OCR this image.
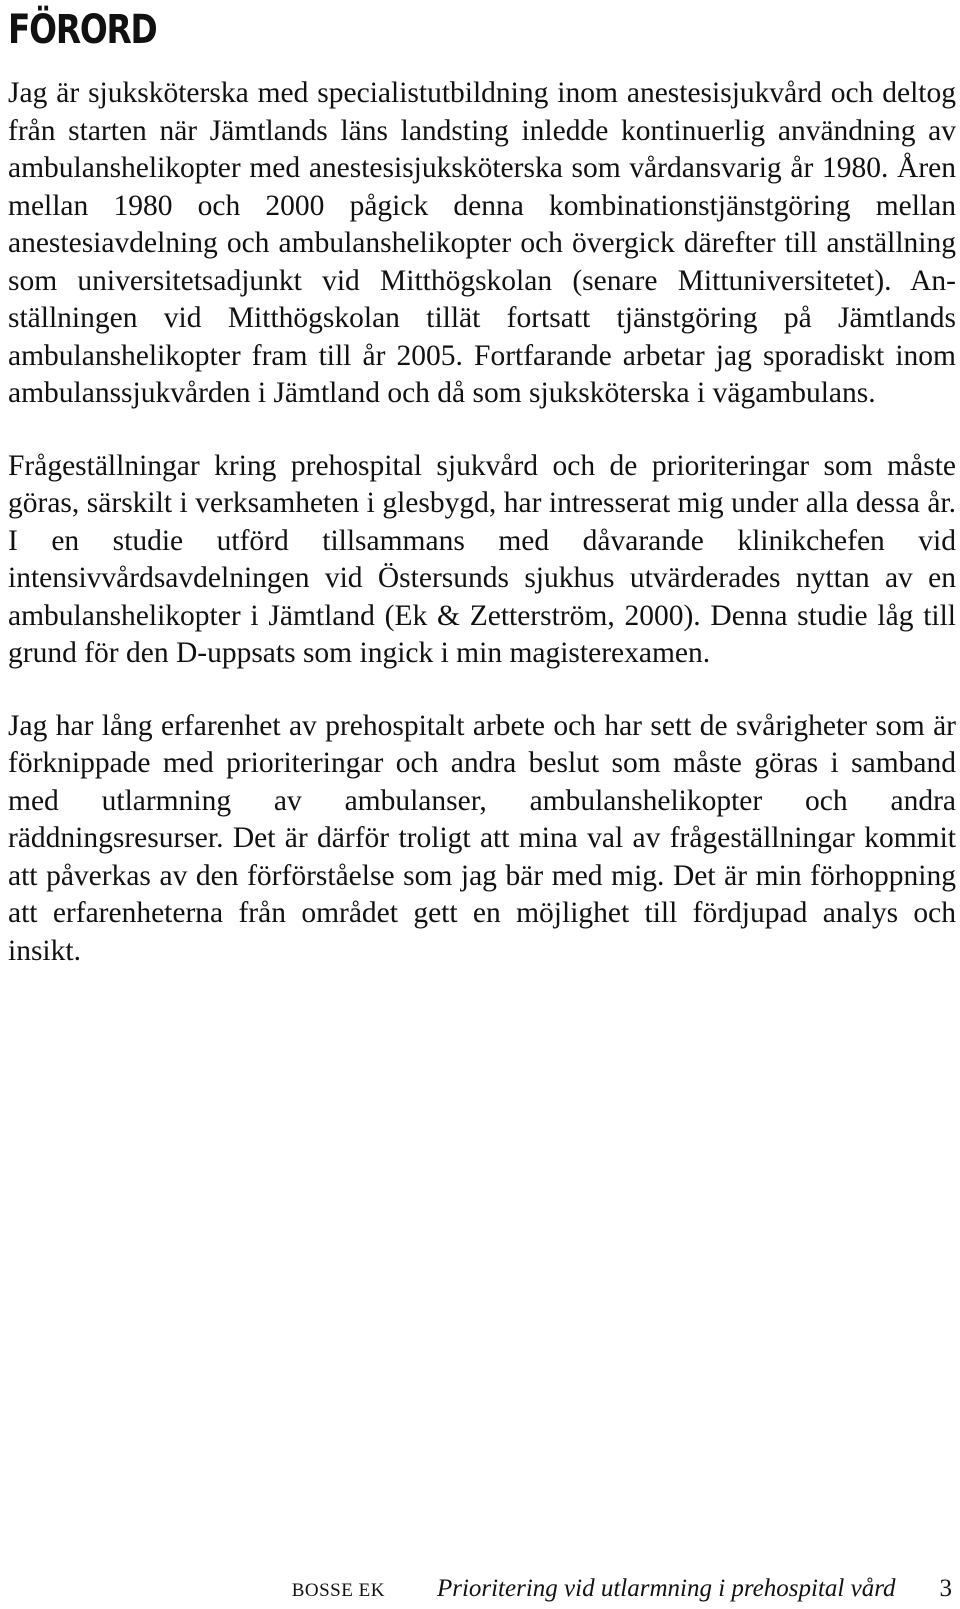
FÖRORD

Jag är sjuksköterska med specialistutbildning inom anestesisjukvård och deltog från starten när Jämtlands läns landsting inledde kontinuerlig användning av ambulanshelikopter med anestesisjuksköterska som vårdansvarig år 1980. Åren mellan 1980 och 2000 pågick denna kombinationstjänstgöring mellan anestesiavdelning och ambulanshelikopter och övergick därefter till anställning som universitetsadjunkt vid Mitthögskolan (senare Mittuniversitetet). Anställningen vid Mitthögskolan tillät fortsatt tjänstgöring på Jämtlands ambulanshelikopter fram till år 2005. Fortfarande arbetar jag sporadiskt inom ambulanssjukvården i Jämtland och då som sjuksköterska i vägambulans.

Frågeställningar kring prehospital sjukvård och de prioriteringar som måste göras, särskilt i verksamheten i glesbygd, har intresserat mig under alla dessa år. I en studie utförd tillsammans med dåvarande klinikchefen vid intensivvårdsavdelningen vid Östersunds sjukhus utvärderades nyttan av en ambulanshelikopter i Jämtland (Ek & Zetterström, 2000). Denna studie låg till grund för den D-uppsats som ingick i min magisterexamen.

Jag har lång erfarenhet av prehospitalt arbete och har sett de svårigheter som är förknippade med prioriteringar och andra beslut som måste göras i samband med utlarmning av ambulanser, ambulanshelikopter och andra räddningsresurser. Det är därför troligt att mina val av frågeställningar kommit att påverkas av den förförståelse som jag bär med mig. Det är min förhoppning att erfarenheterna från området gett en möjlighet till fördjupad analys och insikt.

BOSSE EK Prioritering vid utlarmning i prehospital vård 3
